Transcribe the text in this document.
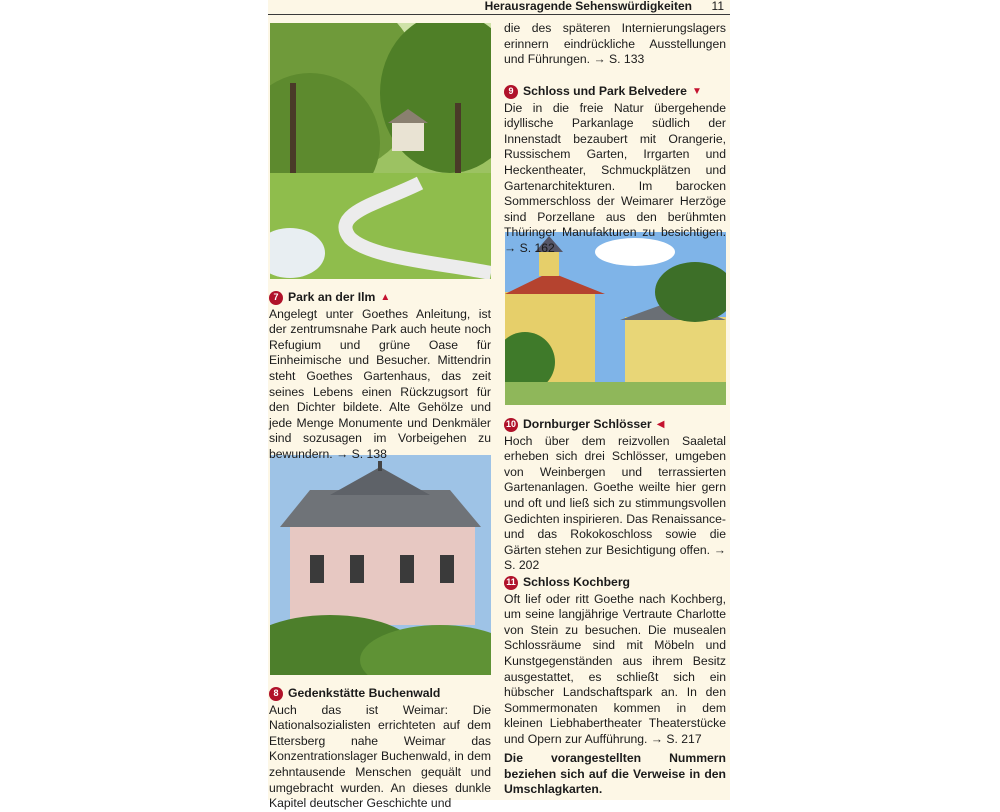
Herausragende Sehenswürdigkeiten 11
7 Park an der Ilm ▲

Angelegt unter Goethes Anleitung, ist der zentrumsnahe Park auch heute noch Refugium und grüne Oase für Einheimische und Besucher. Mittendrin steht Goethes Gartenhaus, das zeit seines Lebens einen Rückzugsort für den Dichter bildete. Alte Gehölze und jede Menge Monumente und Denkmäler sind sozusagen im Vorbeigehen zu bewundern. → S. 138

8 Gedenkstätte Buchenwald

Auch das ist Weimar: Die Nationalsozialisten errichteten auf dem Ettersberg nahe Weimar das Konzentrationslager Buchenwald, in dem zehntausende Menschen gequält und umgebracht wurden. An dieses dunkle Kapitel deutscher Geschichte und

die des späteren Internierungslagers erinnern eindrückliche Ausstellungen und Führungen. → S. 133

9 Schloss und Park Belvedere ▼

Die in die freie Natur übergehende idyllische Parkanlage südlich der Innenstadt bezaubert mit Orangerie, Russischem Garten, Irrgarten und Heckentheater, Schmuckplätzen und Gartenarchitekturen. Im barocken Sommerschloss der Weimarer Herzöge sind Porzellane aus den berühmten Thüringer Manufakturen zu besichtigen. → S. 162

10 Dornburger Schlösser ◀

Hoch über dem reizvollen Saaletal erheben sich drei Schlösser, umgeben von Weinbergen und terrassierten Gartenanlagen. Goethe weilte hier gern und oft und ließ sich zu stimmungsvollen Gedichten inspirieren. Das Renaissance- und das Rokokoschloss sowie die Gärten stehen zur Besichtigung offen. → S. 202

11 Schloss Kochberg

Oft lief oder ritt Goethe nach Kochberg, um seine langjährige Vertraute Charlotte von Stein zu besuchen. Die musealen Schlossräume sind mit Möbeln und Kunstgegenständen aus ihrem Besitz ausgestattet, es schließt sich ein hübscher Landschaftspark an. In den Sommermonaten kommen in dem kleinen Liebhabertheater Theaterstücke und Opern zur Aufführung. → S. 217

Die vorangestellten Nummern beziehen sich auf die Verweise in den Umschlagkarten.
